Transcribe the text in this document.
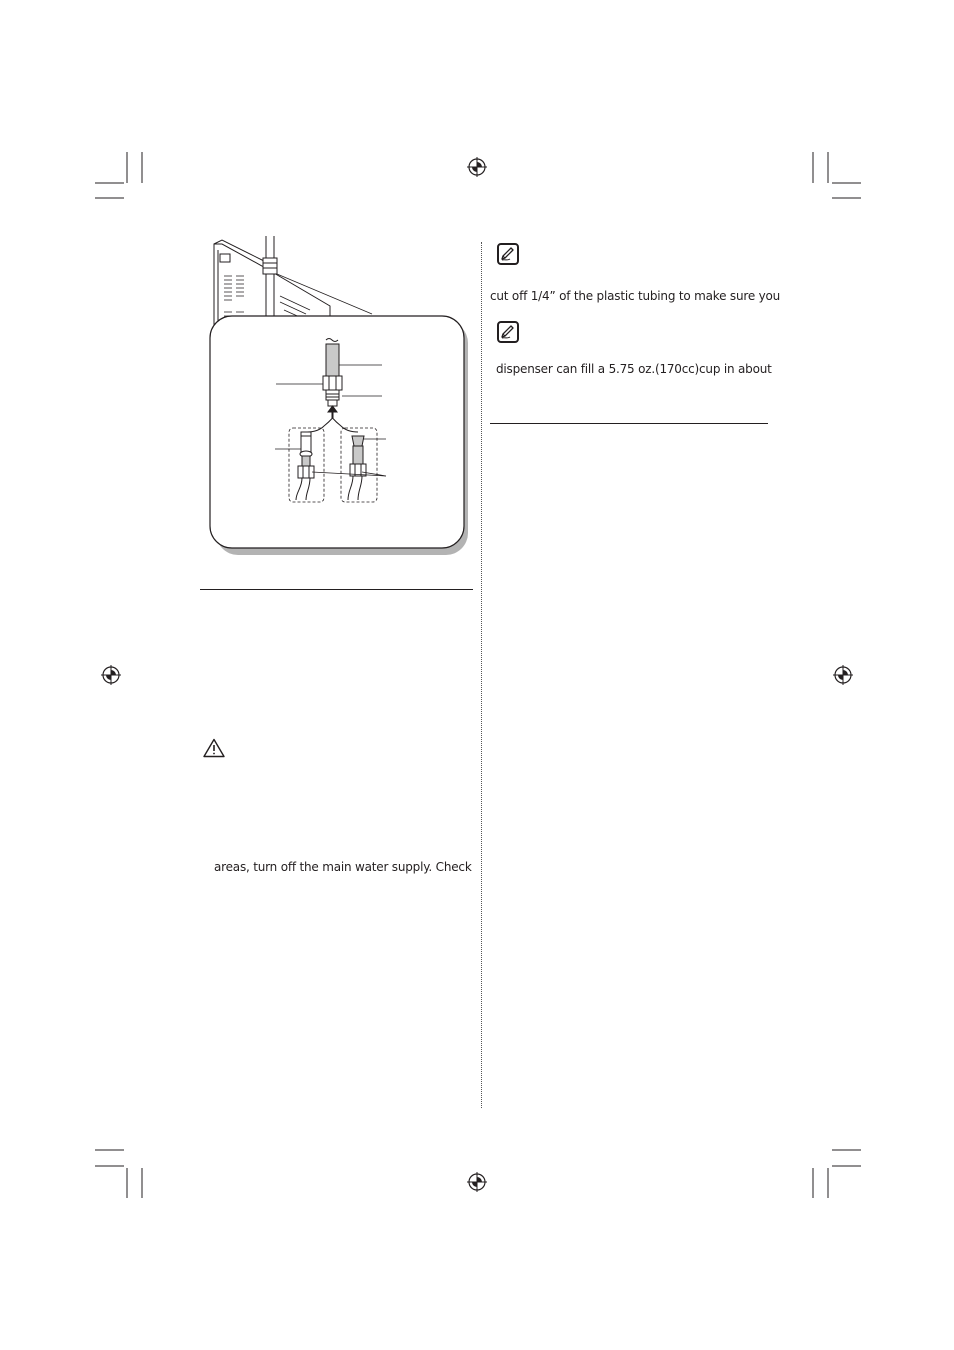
areas, turn off the main water supply. Check
cut off 1/4” of the plastic tubing to make sure you
dispenser can fill a 5.75 oz.(170cc)cup in about
